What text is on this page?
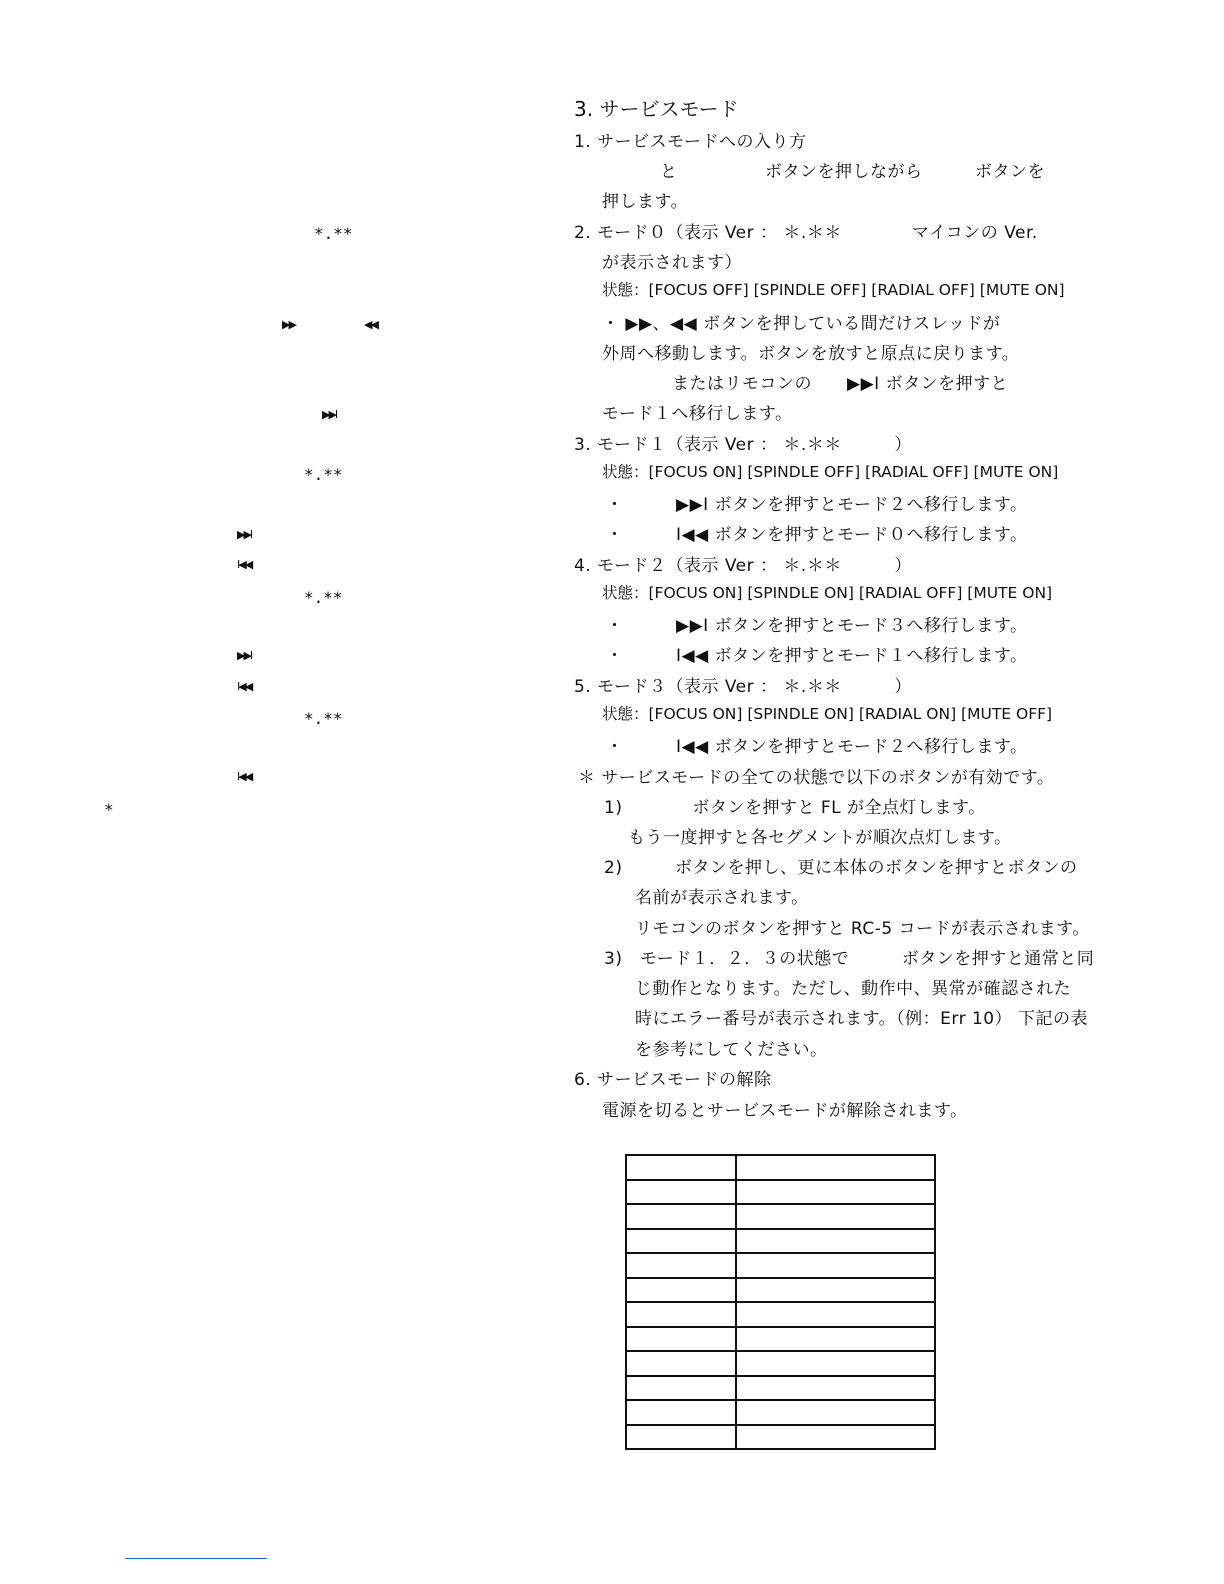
*.**
▶▶	◀◀
▶▶I
*.**
▶▶I
I◀◀
*.**
▶▶I
I◀◀
*.**
I◀◀
*
3. サービスモード
1. サービスモードへの入り方
と　　　　　ボタンを押しながら　　　ボタンを
押します。
2. モード０（表示 Ver ： ＊.＊＊　　　　マイコンの Ver.
が表示されます）
状態：[FOCUS OFF] [SPINDLE OFF] [RADIAL OFF] [MUTE ON]
・ ▶▶、◀◀ ボタンを押している間だけスレッドが
外周へ移動します。ボタンを放すと原点に戻ります。
またはリモコンの　　▶▶I ボタンを押すと
モード１へ移行します。
3. モード１（表示 Ver ： ＊.＊＊　　　）
状態：[FOCUS ON] [SPINDLE OFF] [RADIAL OFF] [MUTE ON]
・　　　▶▶I ボタンを押すとモード２へ移行します。
・　　　I◀◀ ボタンを押すとモード０へ移行します。
4. モード２（表示 Ver ： ＊.＊＊　　　）
状態：[FOCUS ON] [SPINDLE ON] [RADIAL OFF] [MUTE ON]
・　　　▶▶I ボタンを押すとモード３へ移行します。
・　　　I◀◀ ボタンを押すとモード１へ移行します。
5. モード３（表示 Ver ： ＊.＊＊　　　）
状態：[FOCUS ON] [SPINDLE ON] [RADIAL ON] [MUTE OFF]
・　　　I◀◀ ボタンを押すとモード２へ移行します。
＊ サービスモードの全ての状態で以下のボタンが有効です。
1)　　　　ボタンを押すと FL が全点灯します。
もう一度押すと各セグメントが順次点灯します。
2)　　　ボタンを押し、更に本体のボタンを押すとボタンの
名前が表示されます。
リモコンのボタンを押すと RC-5 コードが表示されます。
3)　モード１．２．３の状態で　　　ボタンを押すと通常と同
じ動作となります。ただし、動作中、異常が確認された
時にエラー番号が表示されます。（例：Err 10） 下記の表
を参考にしてください。
6. サービスモードの解除
電源を切るとサービスモードが解除されます。
